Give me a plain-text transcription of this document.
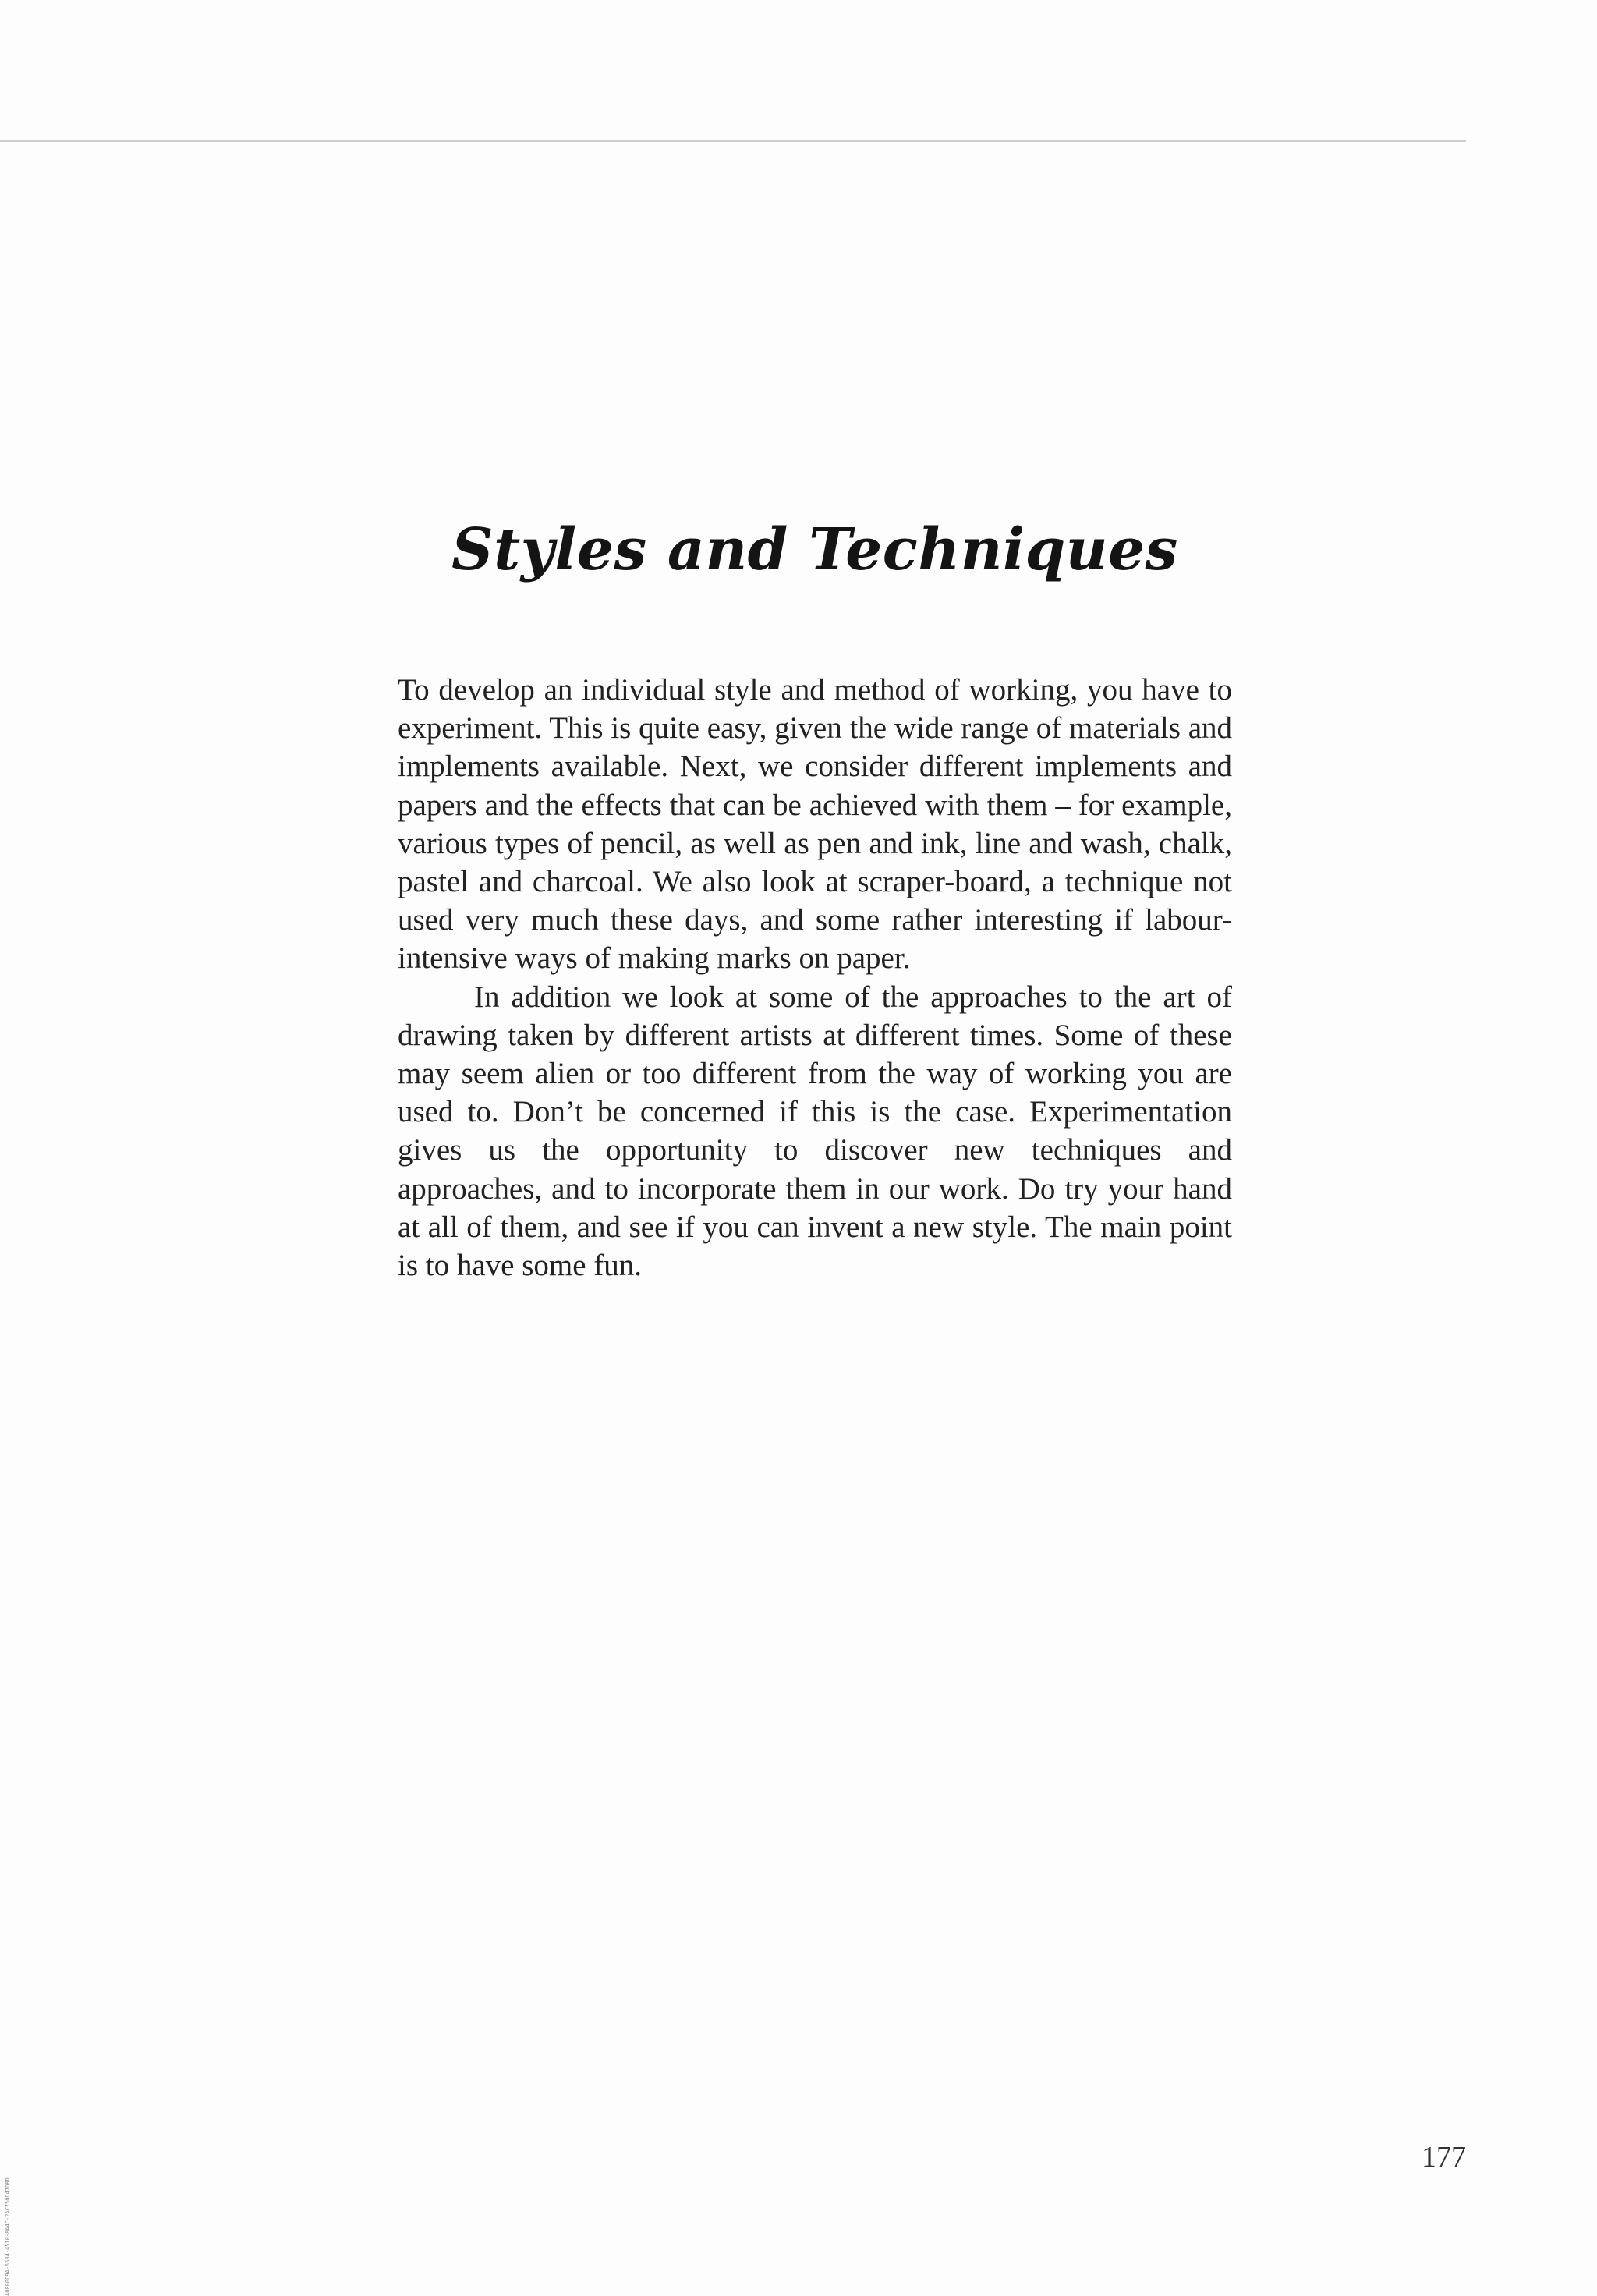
Styles and Techniques

To develop an individual style and method of working, you have to experiment. This is quite easy, given the wide range of materials and implements available. Next, we consider different implements and papers and the effects that can be achieved with them – for example, various types of pencil, as well as pen and ink, line and wash, chalk, pastel and charcoal. We also look at scraper-board, a technique not used very much these days, and some rather interesting if labour-intensive ways of making marks on paper.

In addition we look at some of the approaches to the art of drawing taken by different artists at different times. Some of these may seem alien or too different from the way of working you are used to. Don’t be concerned if this is the case. Experimentation gives us the opportunity to discover new techniques and approaches, and to incorporate them in our work. Do try your hand at all of them, and see if you can invent a new style. The main point is to have some fun.

177
A0080C9A-5584-4510-8A4C-2AC750D47D8D
